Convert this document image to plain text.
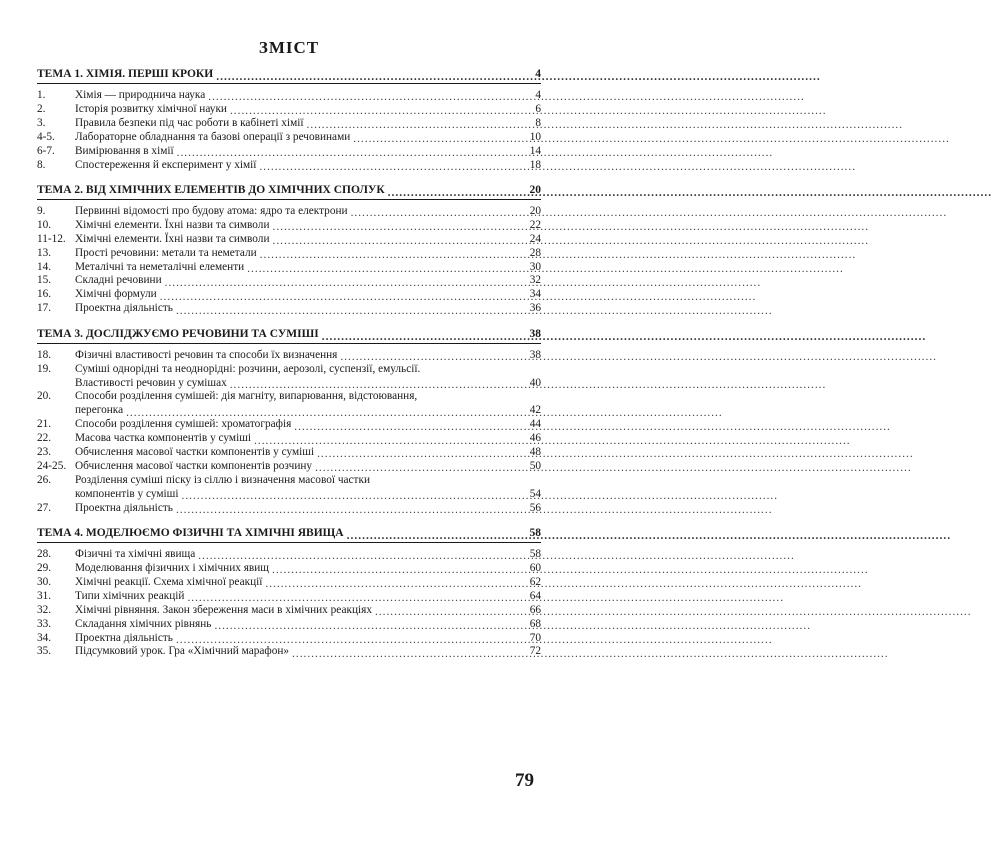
ЗМІСТ
ТЕМА 1. ХІМІЯ. ПЕРШІ КРОКИ .....	4
1.	Хімія — природнича наука .....	4
2.	Історія розвитку хімічної науки .....	6
3.	Правила безпеки під час роботи в кабінеті хімії .....	8
4-5.	Лабораторне обладнання та базові операції з речовинами .....	10
6-7.	Вимірювання в хімії .....	14
8.	Спостереження й експеримент у хімії .....	18
ТЕМА 2. ВІД ХІМІЧНИХ ЕЛЕМЕНТІВ ДО ХІМІЧНИХ СПОЛУК .....	20
9.	Первинні відомості про будову атома: ядро та електрони .....	20
10.	Хімічні елементи. Їхні назви та символи .....	22
11-12. Хімічні елементи. Їхні назви та символи .....	24
13.	Прості речовини: метали та неметали .....	28
14.	Металічні та неметалічні елементи .....	30
15.	Складні речовини .....	32
16.	Хімічні формули .....	34
17.	Проектна діяльність .....	36
ТЕМА 3. ДОСЛІДЖУЄМО РЕЧОВИНИ ТА СУМІШІ .....	38
18.	Фізичні властивості речовин та способи їх визначення .....	38
19.	Суміші однорідні та неоднорідні: розчини, аерозолі, суспензії, емульсії.
Властивості речовин у сумішах .....	40
20.	Способи розділення сумішей: дія магніту, випарювання, відстоювання,
перегонка .....	42
21.	Способи розділення сумішей: хроматографія .....	44
22.	Масова частка компонентів у суміші .....	46
23.	Обчислення масової частки компонентів у суміші .....	48
24-25. Обчислення масової частки компонентів розчину .....	50
26.	Розділення суміші піску із сіллю і визначення масової частки
компонентів у суміші .....	54
27.	Проектна діяльність .....	56
ТЕМА 4. МОДЕЛЮЄМО ФІЗИЧНІ ТА ХІМІЧНІ ЯВИЩА .....	58
28.	Фізичні та хімічні явища .....	58
29.	Моделювання фізичних і хімічних явищ .....	60
30.	Хімічні реакції. Схема хімічної реакції .....	62
31.	Типи хімічних реакцій .....	64
32.	Хімічні рівняння. Закон збереження маси в хімічних реакціях .....	66
33.	Складання хімічних рівнянь .....	68
34.	Проектна діяльність .....	70
35.	Підсумковий урок. Гра «Хімічний марафон» .....	72
79
